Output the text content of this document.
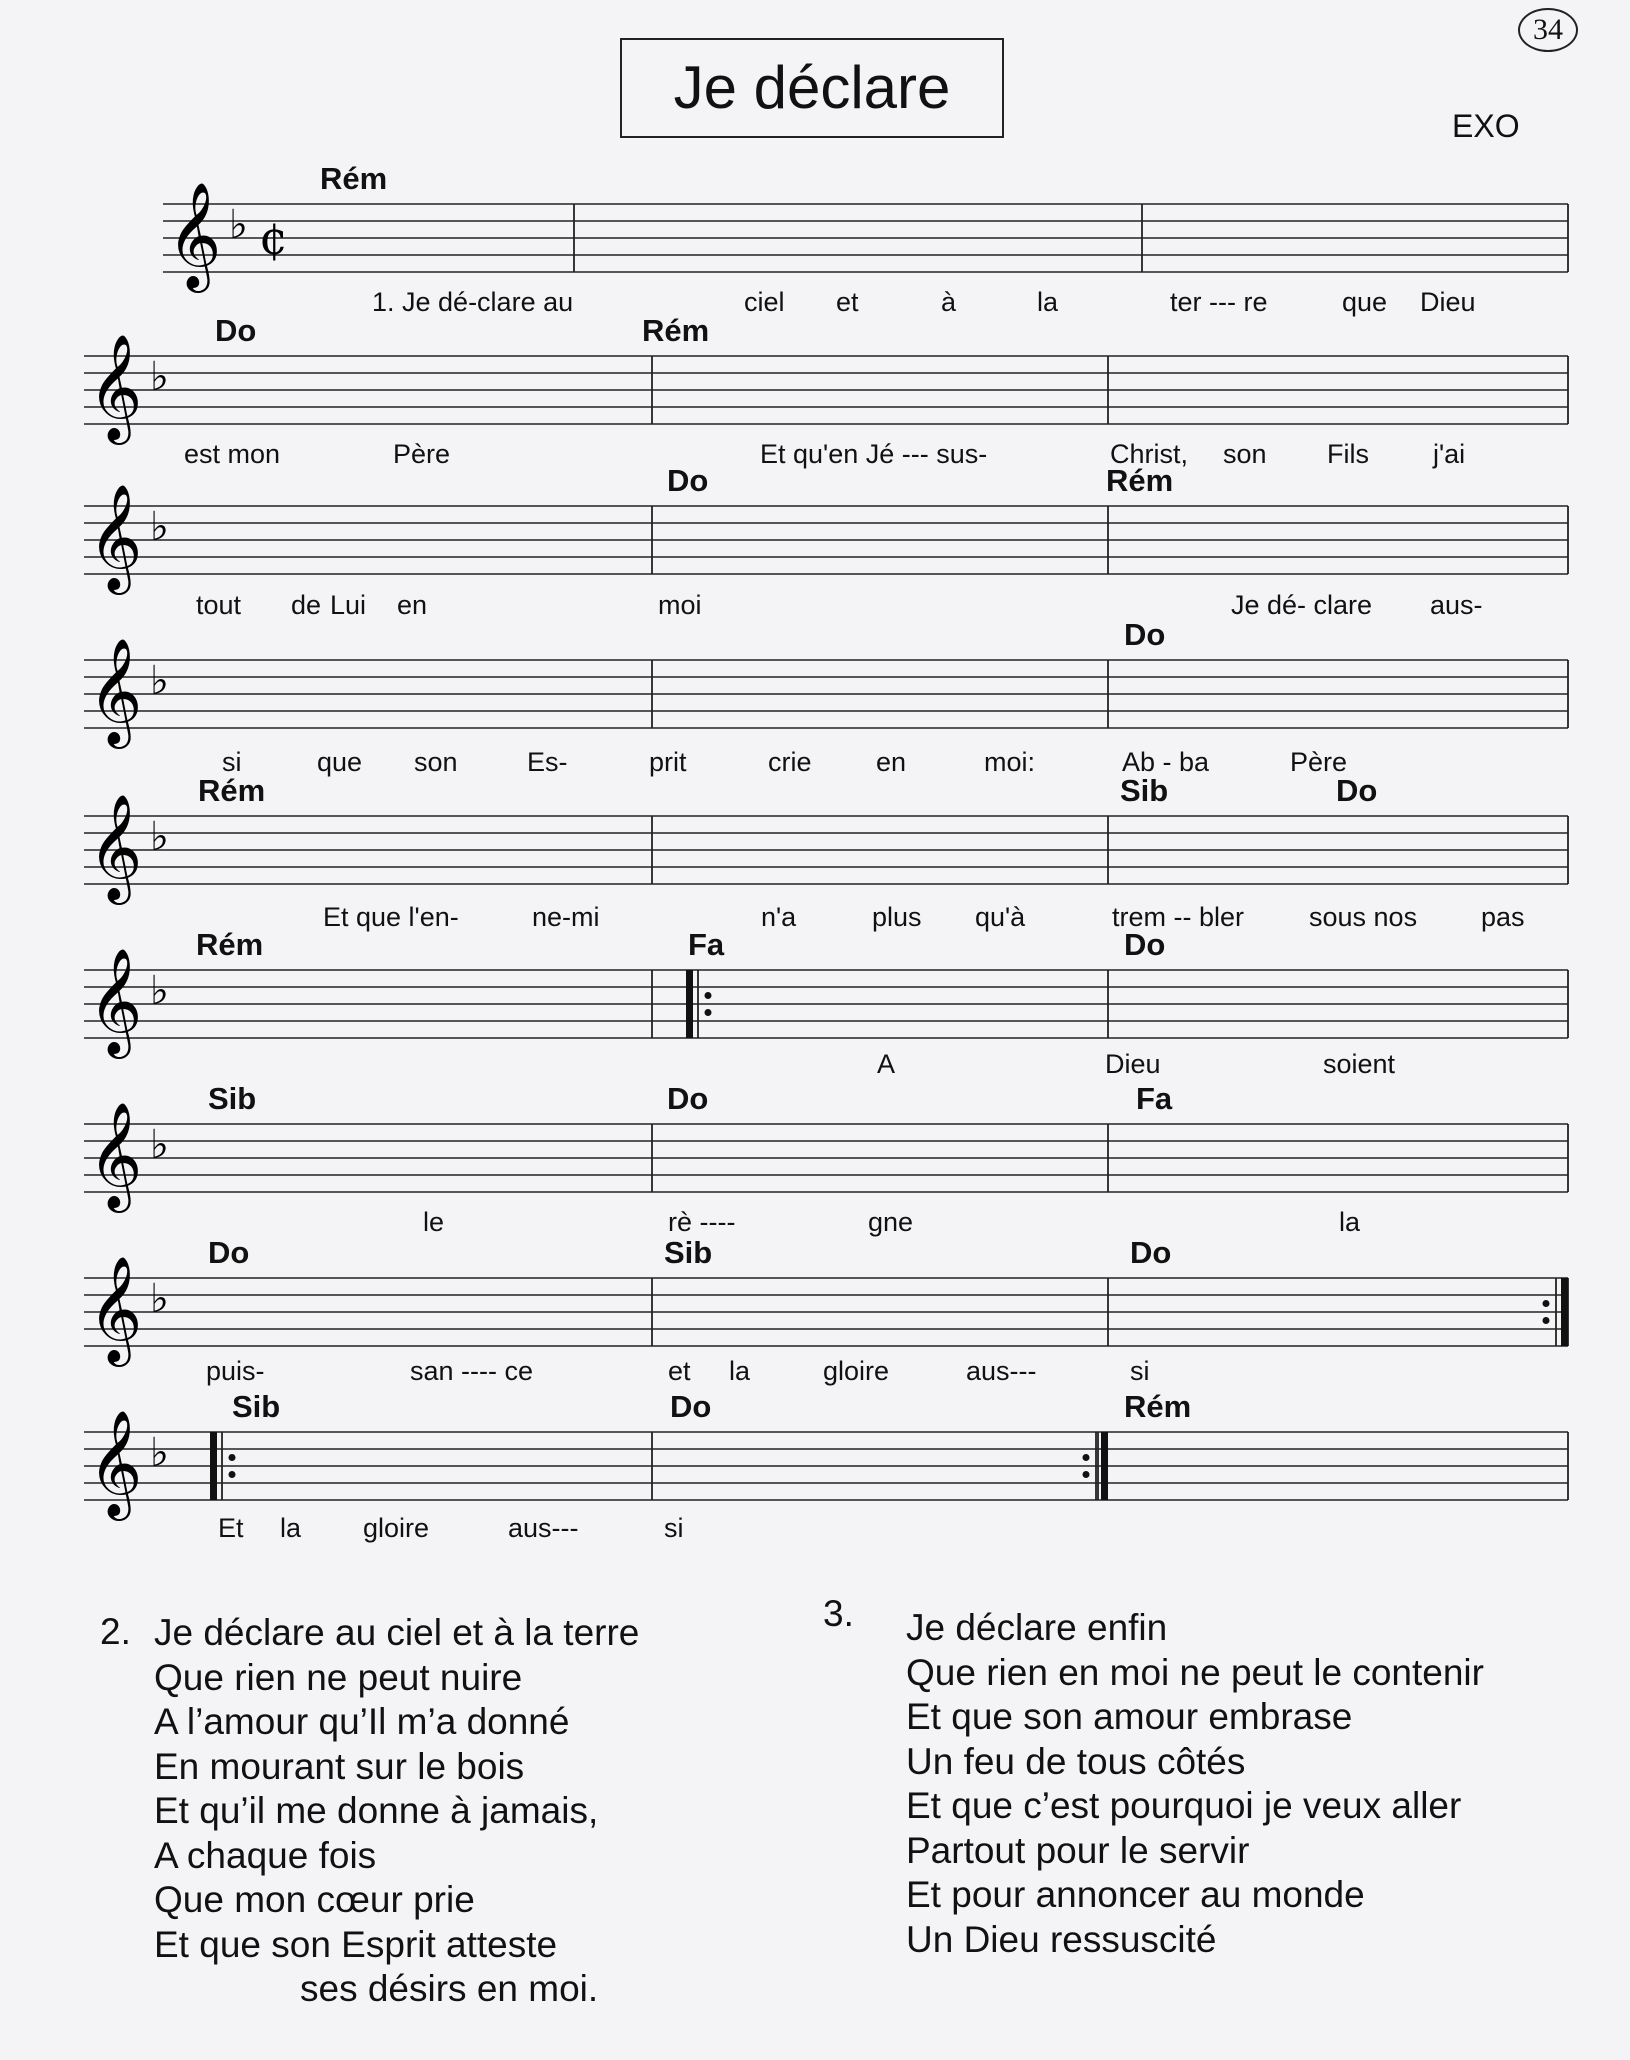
34
Je déclare
EXO
𝄞 ♭ ¢
Rém
1. Je dé-clare au	ciel et	à	la	ter --- re	que Dieu
𝄞 ♭
Do	Rém
est mon	Père	Et qu'en Jé --- sus-	Christ, son Fils j'ai
𝄞 ♭
Do	Rém
tout de Lui en	moi	Je dé- clare aus-
𝄞 ♭
Do
si	que son	Es-	prit	crie en	moi:	Ab - ba	Père
𝄞 ♭
Rém	Sib	Do
Et que l'en-	ne-mi	n'a	plus qu'à	trem -- bler sous nos pas
𝄞 ♭
Rém	Fa	Do
A	Dieu	soient
𝄞 ♭
Sib	Do	Fa
le	rè ----	gne	la
𝄞 ♭
Do	Sib	Do
puis-	san ---- ce	et la	gloire	aus---	si
𝄞 ♭
Sib	Do	Rém
Et la gloire	aus---	si
2. Je déclare au ciel et à la terre
Que rien ne peut nuire
A l’amour qu’Il m’a donné
En mourant sur le bois
Et qu’il me donne à jamais,
A chaque fois
Que mon cœur prie
Et que son Esprit atteste
ses désirs en moi.
3. Je déclare enfin
Que rien en moi ne peut le contenir
Et que son amour embrase
Un feu de tous côtés
Et que c’est pourquoi je veux aller
Partout pour le servir
Et pour annoncer au monde
Un Dieu ressuscité
